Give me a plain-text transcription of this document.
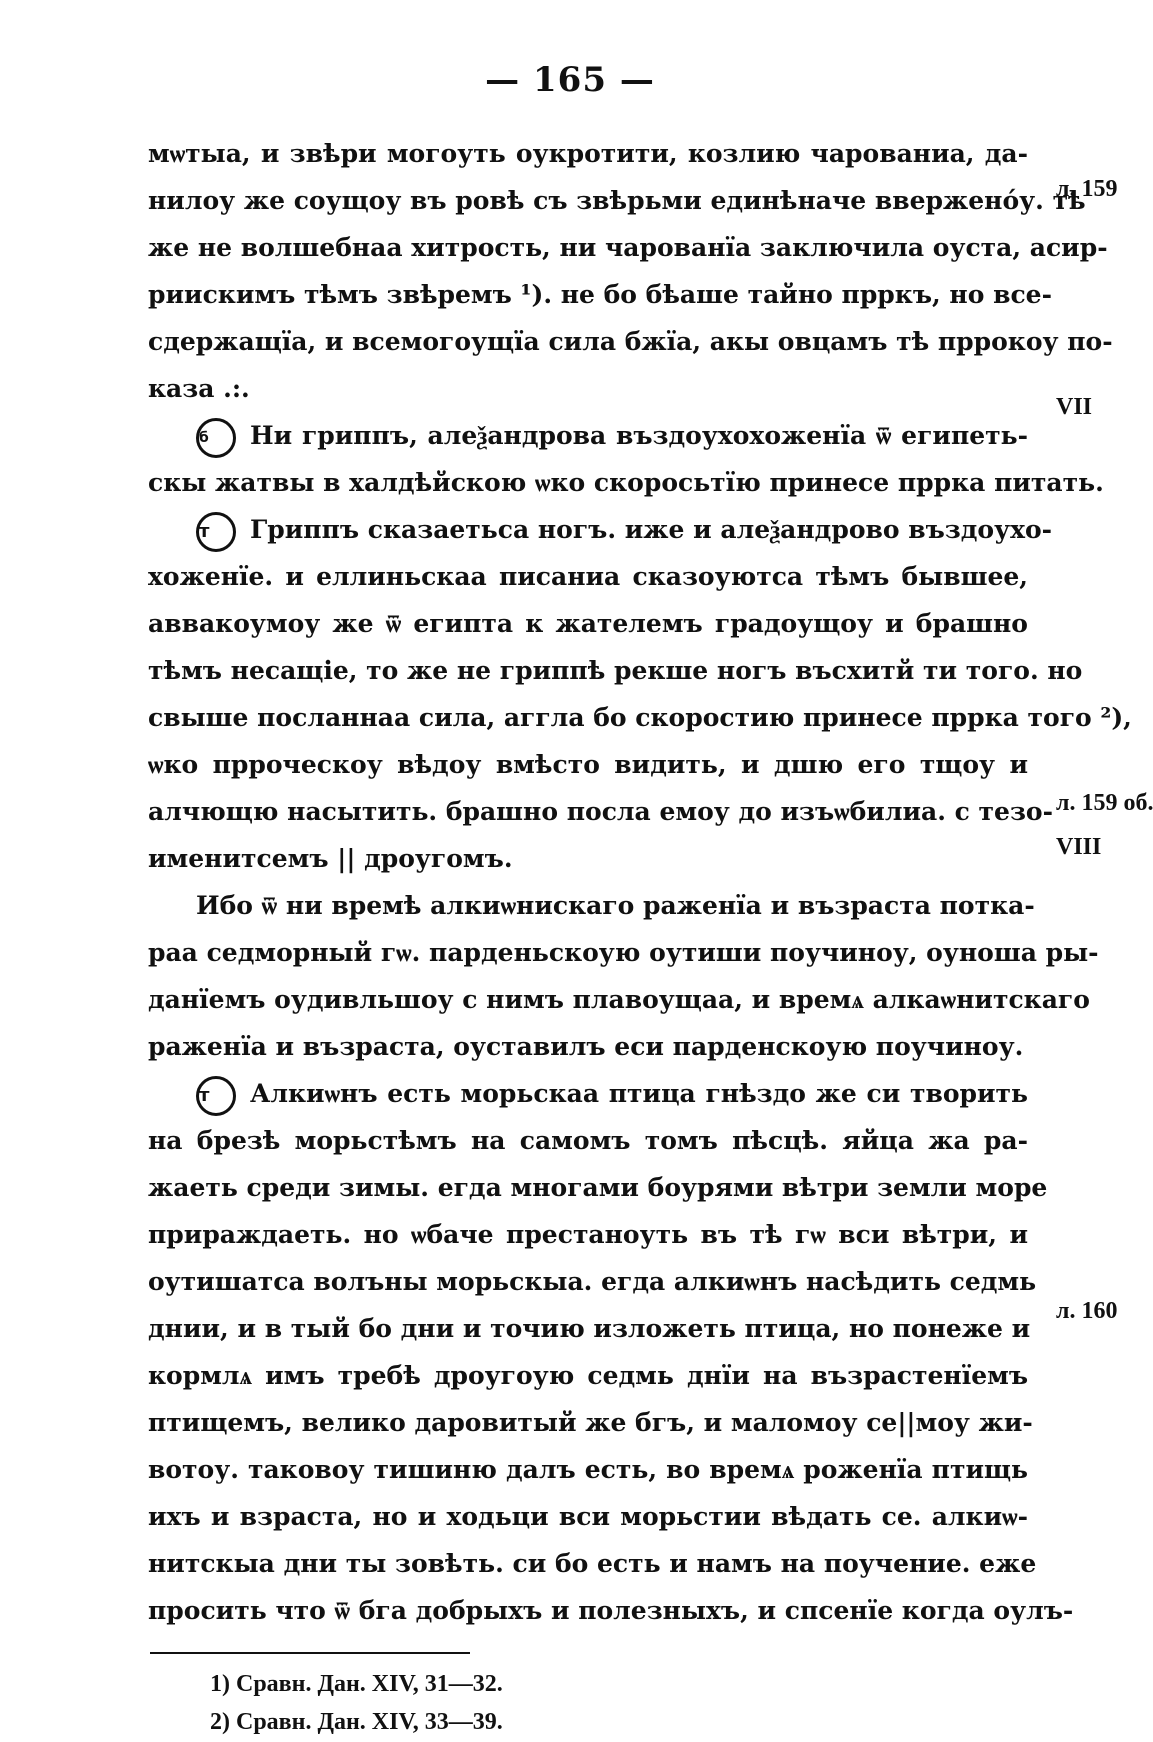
— 165 —
мѡтыа, и звѣри могоуть оукротити, козлию чарованиа, да-
нилоу же соущоу въ ровѣ съ звѣрьми единѣначе ввержено́у. тѣ
же не волшебнаа хитрость, ни чарованїа заключила оуста, асир-
риискимъ тѣмъ звѣремъ ¹). не бо бѣаше тайно прркъ, но все-
сдержащїа, и всемогоущїа сила бжїа, акы овцамъ тѣ пррокоу по-
каза .:.
б Ни гриппъ, алеѯандрова въздоухохоженїа ѿ египеть-
скы жатвы в халдѣйскою ѡко скоросьтїю принесе пррка питать.
т Гриппъ сказаетьса ногъ. иже и алеѯандрово въздоухо-
хоженїе. и еллиньскаа писаниа сказоуютса тѣмъ бывшее,
аввакоумоу же ѿ египта к жателемъ градоущоу и брашно
тѣмъ несащіе, то же не гриппѣ рекше ногъ въсхитй ти того. но
свыше посланнаа сила, аггла бо скоростию принесе пррка того ²),
ѡко прроческоу вѣдоу вмѣсто видить, и дшю его тщоу и
алчющю насытить. брашно посла емоу до изъѡбилиа. с тезо-
именитсемъ || дроугомъ.
Ибо ѿ ни времѣ алкиѡнискаго раженїа и възраста потка-
раа седморный гѡ. парденьскоую оутиши поучиноу, оуноша ры-
данїемъ оудивльшоу с нимъ плавоущаа, и времѧ алкаѡнитскаго
раженїа и възраста, оуставилъ еси парденскоую поучиноу.
т Алкиѡнъ есть морьскаа птица гнѣздо же си творить
на брезѣ морьстѣмъ на самомъ томъ пѣсцѣ. яйца жа ра-
жаеть среди зимы. егда многами боурями вѣтри земли море
прираждаеть. но ѡбаче престаноуть въ тѣ гѡ вси вѣтри, и
оутишатса волъны морьскыа. егда алкиѡнъ насѣдить седмь
днии, и в тый бо дни и точию изложеть птица, но понеже и
кормлѧ имъ требѣ дроугоую седмь днїи на възрастенїемъ
птищемъ, велико даровитый же бгъ, и маломоу се||моу жи-
вотоу. таковоу тишиню далъ есть, во времѧ роженїа птищь
ихъ и взраста, но и ходьци вси морьстии вѣдать се. алкиѡ-
нитскыа дни ты зовѣть. си бо есть и намъ на поучение. еже
просить что ѿ бга добрыхъ и полезныхъ, и спсенїе когда оулъ-
л. 159
VII
л. 159 об.
VIII
л. 160
1) Сравн. Дан. XIV, 31—32.
2) Сравн. Дан. XIV, 33—39.
